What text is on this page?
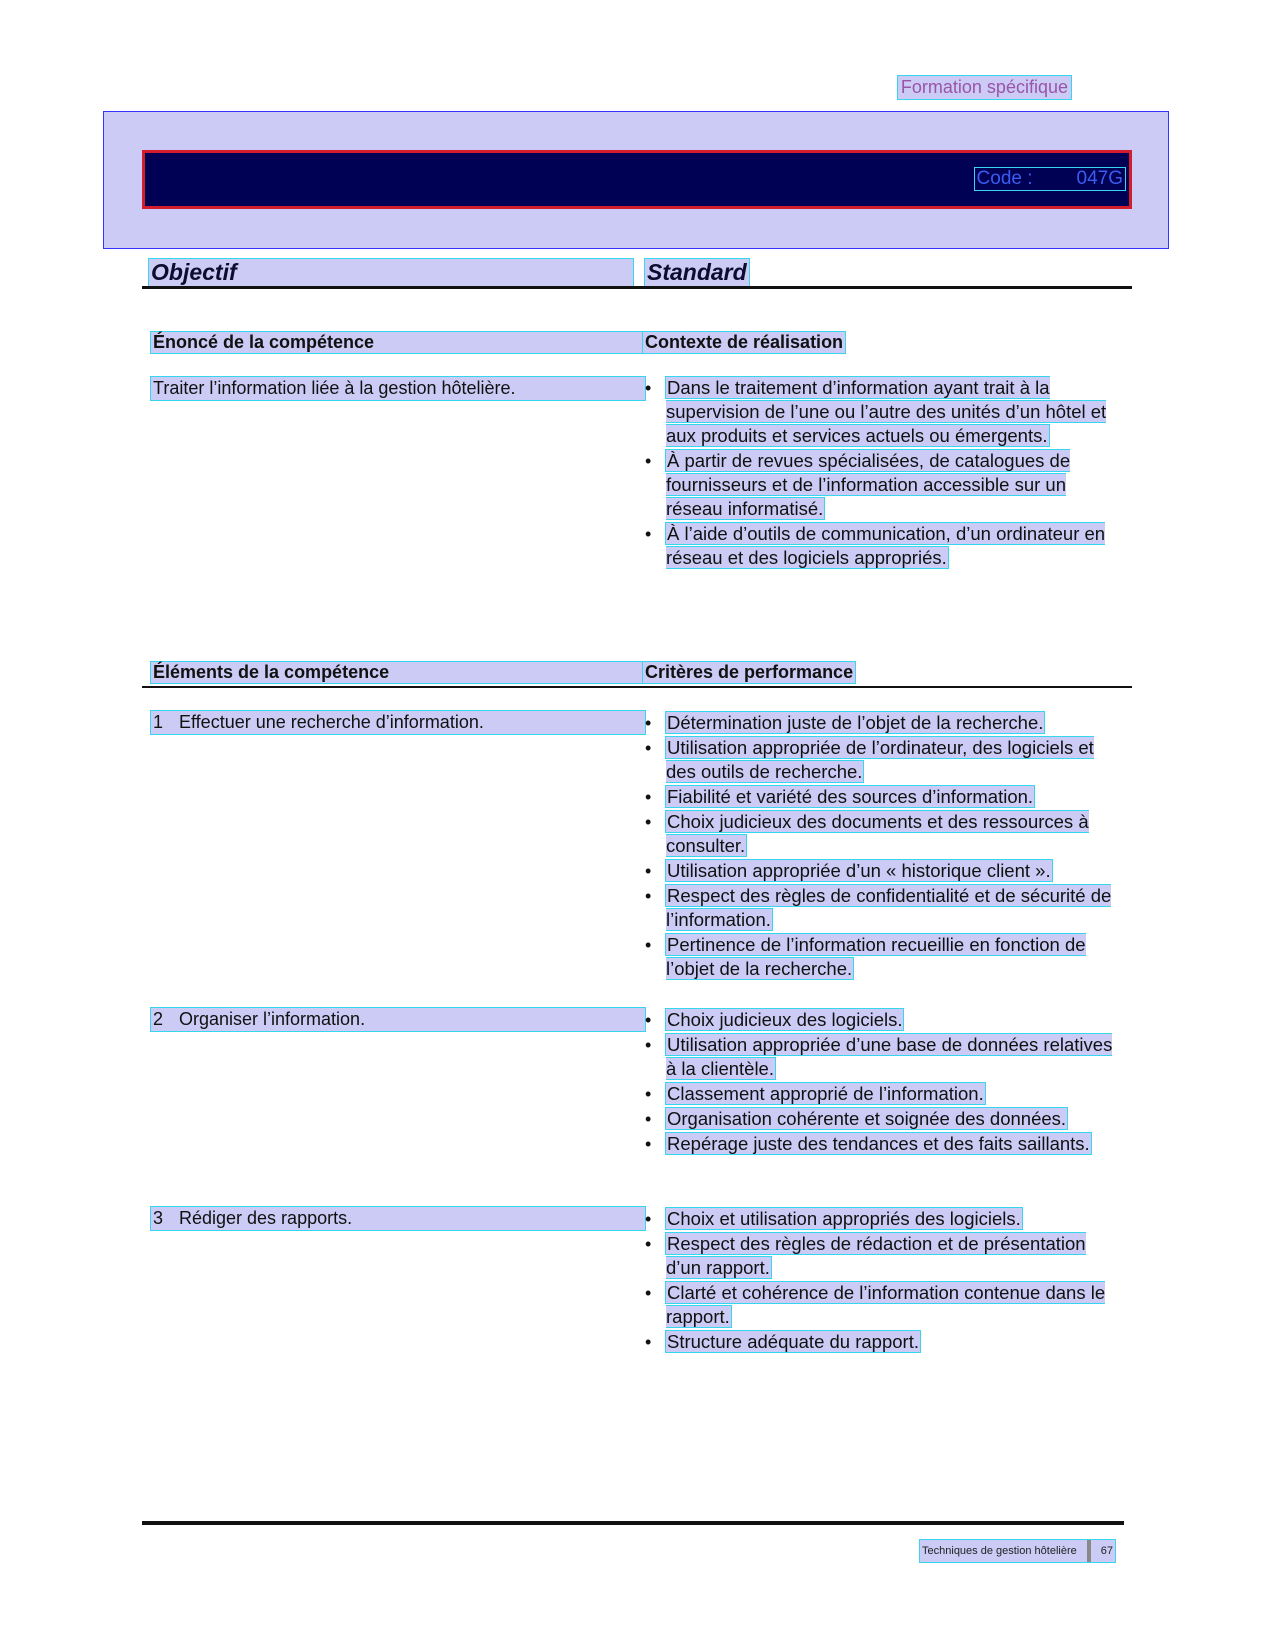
Formation spécifique
Code : 047G
Objectif	Standard
Énoncé de la compétence	Contexte de réalisation
Traiter l’information liée à la gestion hôtelière.	• Dans le traitement d’information ayant trait à la supervision de l’une ou l’autre des unités d’un hôtel et aux produits et services actuels ou émergents.
• À partir de revues spécialisées, de catalogues de fournisseurs et de l’information accessible sur un réseau informatisé.
• À l’aide d’outils de communication, d’un ordinateur en réseau et des logiciels appropriés.
Éléments de la compétence	Critères de performance
1 Effectuer une recherche d’information.	• Détermination juste de l’objet de la recherche.
• Utilisation appropriée de l’ordinateur, des logiciels et des outils de recherche.
• Fiabilité et variété des sources d’information.
• Choix judicieux des documents et des ressources à consulter.
• Utilisation appropriée d’un « historique client ».
• Respect des règles de confidentialité et de sécurité de l’information.
• Pertinence de l’information recueillie en fonction de l’objet de la recherche.
2 Organiser l’information.	• Choix judicieux des logiciels.
• Utilisation appropriée d’une base de données relatives à la clientèle.
• Classement approprié de l’information.
• Organisation cohérente et soignée des données.
• Repérage juste des tendances et des faits saillants.
3 Rédiger des rapports.	• Choix et utilisation appropriés des logiciels.
• Respect des règles de rédaction et de présentation d’un rapport.
• Clarté et cohérence de l’information contenue dans le rapport.
• Structure adéquate du rapport.
Techniques de gestion hôtelière 67
